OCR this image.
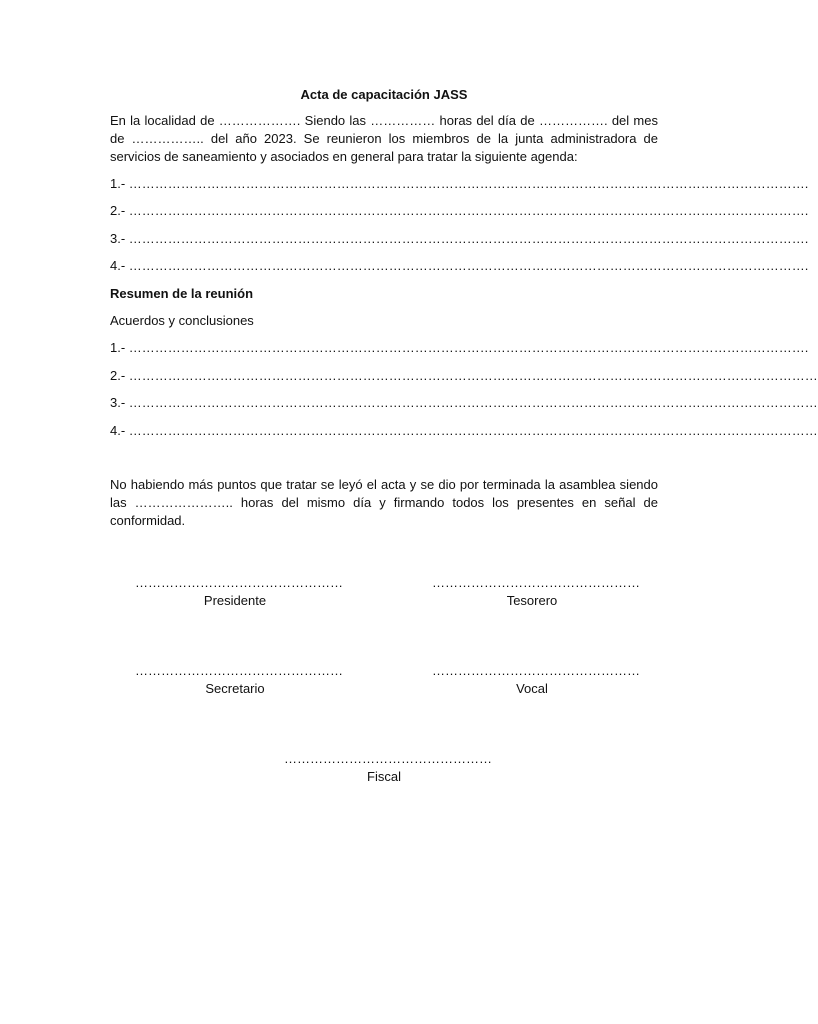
Acta de capacitación JASS

En la localidad de ………………. Siendo las …………… horas del día de ……………. del mes de …………….. del año 2023. Se reunieron los miembros de la junta administradora de servicios de saneamiento y asociados en general para tratar la siguiente agenda:

1.- ………………………………………………………………………………………………………………………………………….

2.- ………………………………………………………………………………………………………………………………………….

3.- ………………………………………………………………………………………………………………………………………….

4.- ………………………………………………………………………………………………………………………………………….

Resumen de la reunión

Acuerdos y conclusiones

1.- ………………………………………………………………………………………………………………………………………….

2.- ……………………………………………………………………………………………………………………………………………

3.- ……………………………………………………………………………………………………………………………………………

4.- ……………………………………………………………………………………………………………………………………………

No habiendo más puntos que tratar se leyó el acta y se dio por terminada la asamblea siendo las ………………….. horas del mismo día y firmando todos los presentes en señal de conformidad.

…………………………………………
Presidente
…………………………………………
Tesorero
…………………………………………
Secretario
…………………………………………
Vocal
…………………………………………
Fiscal
